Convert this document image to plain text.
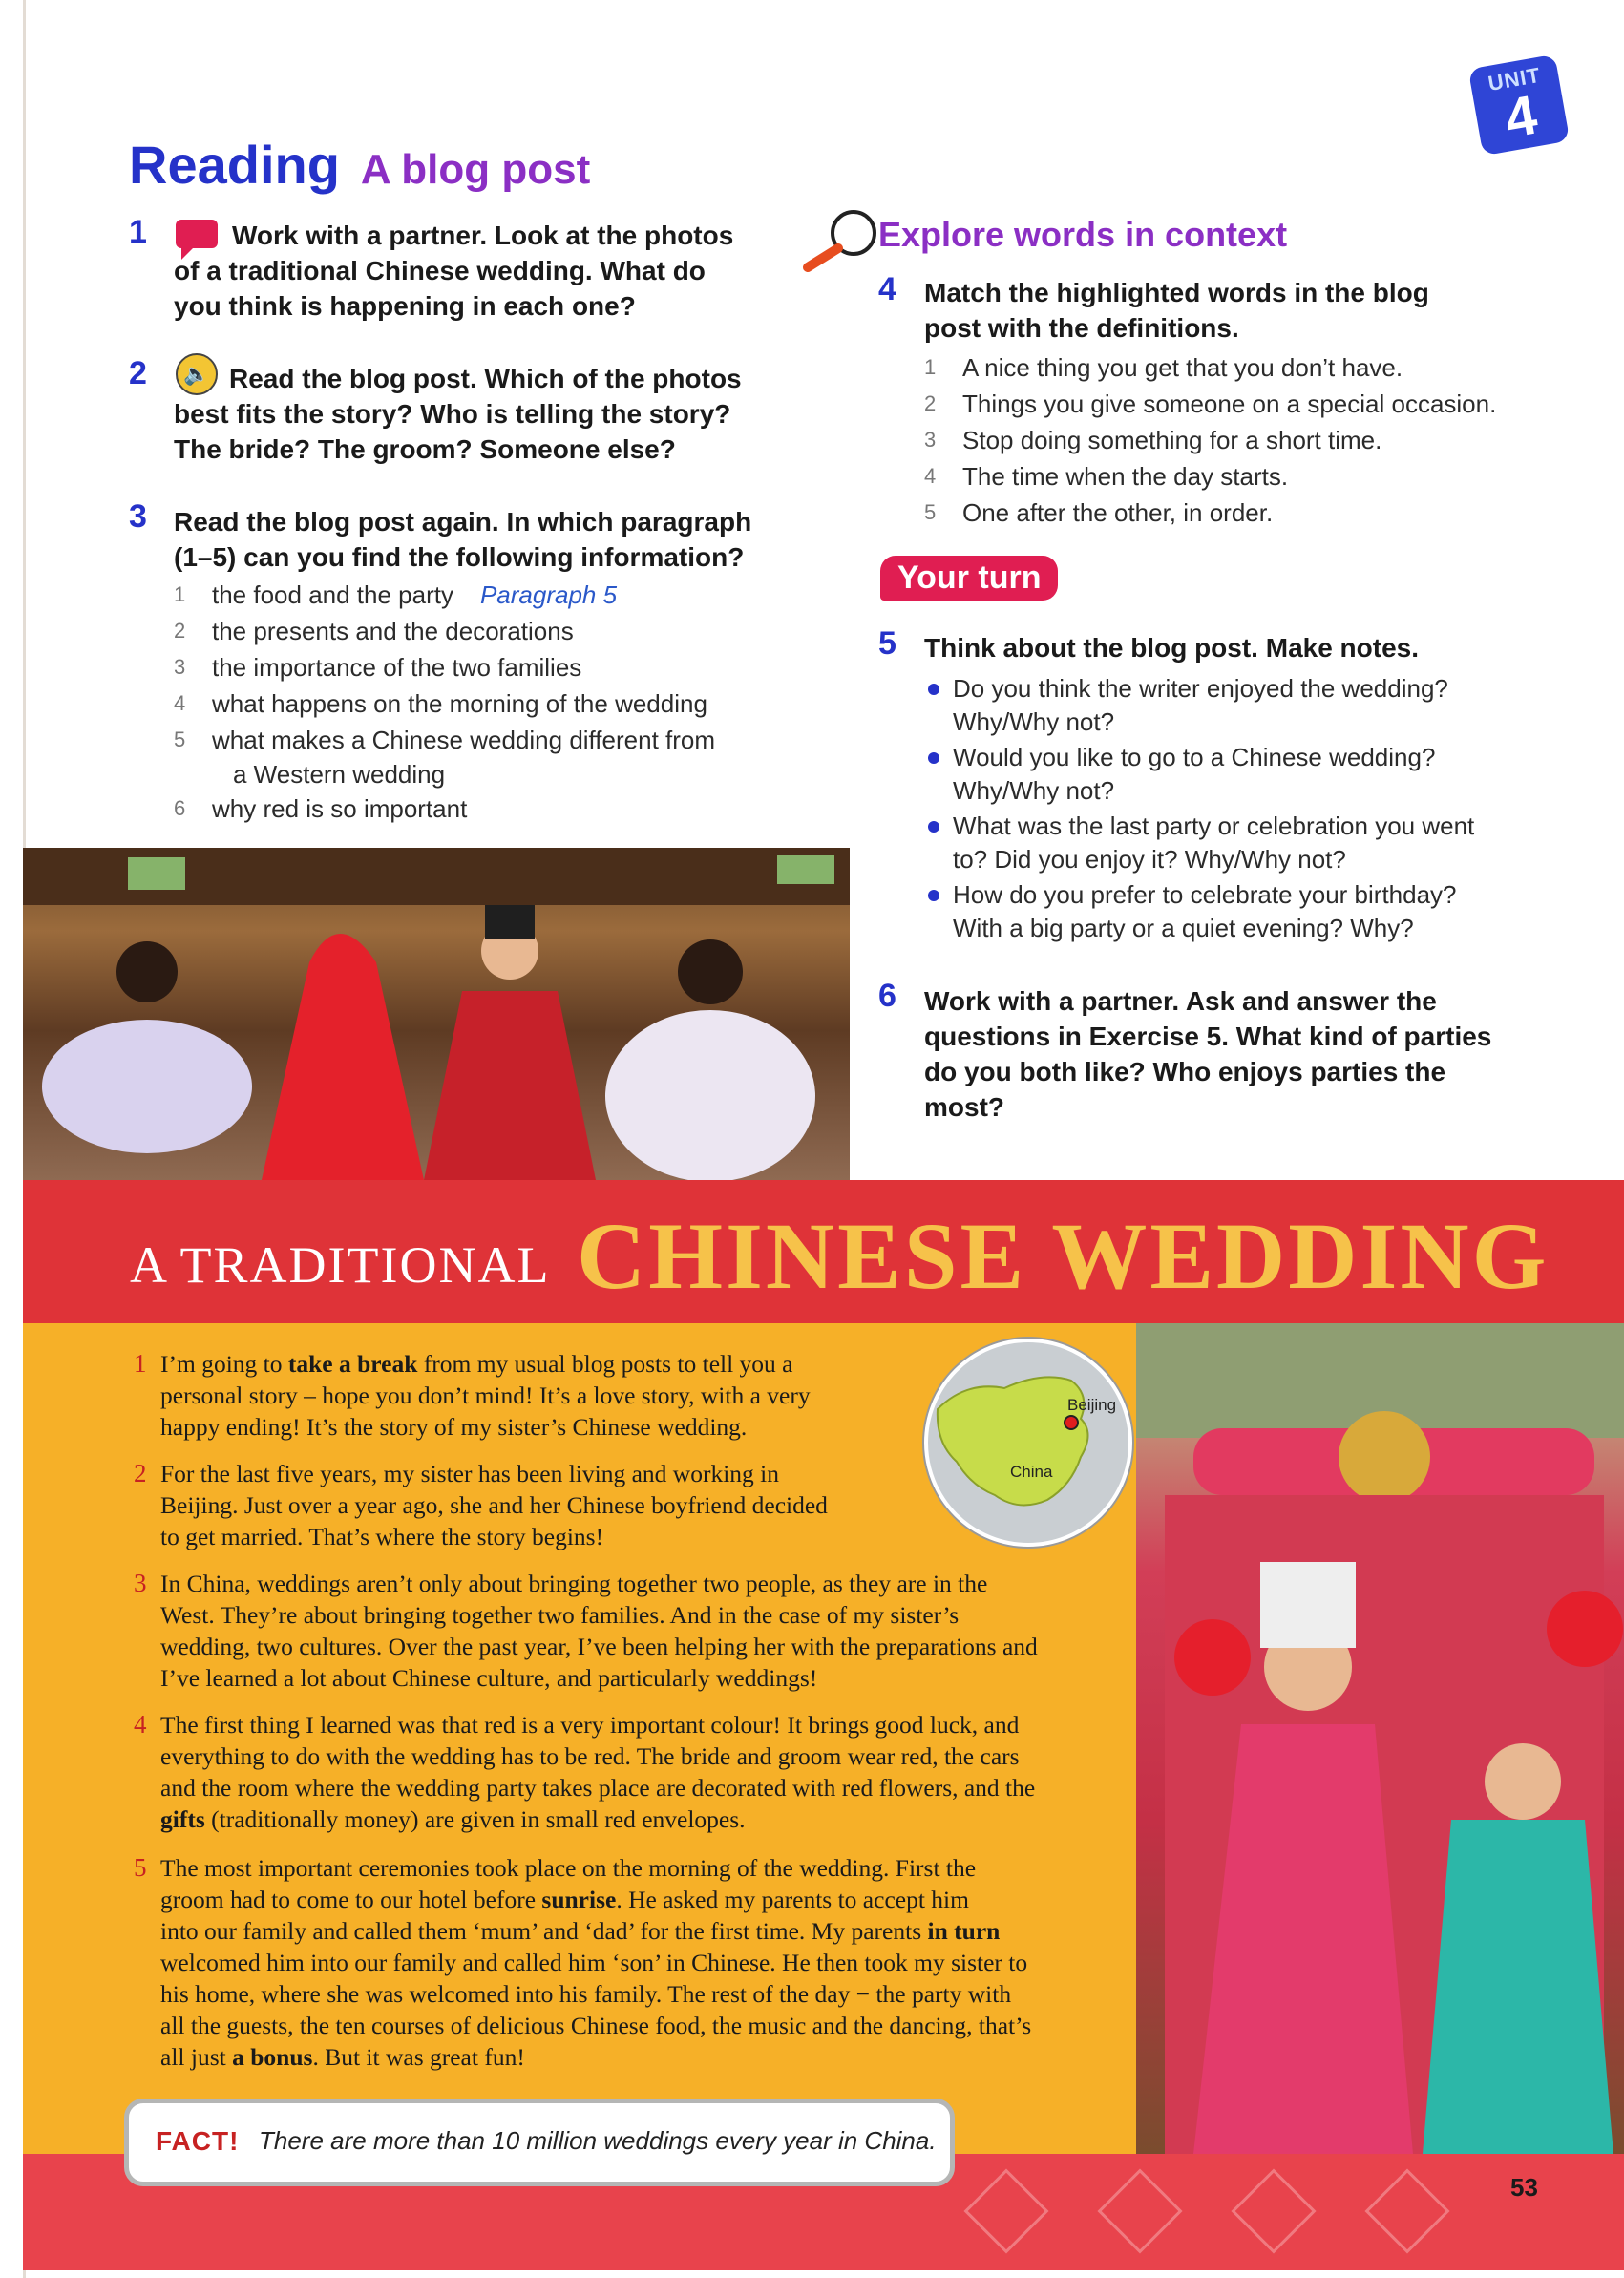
UNIT
4
Reading A blog post
1	Work with a partner. Look at the photos
of a traditional Chinese wedding. What do
you think is happening in each one?
2	🔈 Read the blog post. Which of the photos
best fits the story? Who is telling the story?
The bride? The groom? Someone else?
3 Read the blog post again. In which paragraph
(1–5) can you find the following information?
1 the food and the party Paragraph 5
2 the presents and the decorations
3 the importance of the two families
4 what happens on the morning of the wedding
5 what makes a Chinese wedding different from
a Western wedding
6 why red is so important
Explore words in context
4 Match the highlighted words in the blog
post with the definitions.
1 A nice thing you get that you don’t have.
2 Things you give someone on a special occasion.
3 Stop doing something for a short time.
4 The time when the day starts.
5 One after the other, in order.
Your turn
5 Think about the blog post. Make notes.
Do you think the writer enjoyed the wedding?
Why/Why not?
Would you like to go to a Chinese wedding?
Why/Why not?
What was the last party or celebration you went
to? Did you enjoy it? Why/Why not?
How do you prefer to celebrate your birthday?
With a big party or a quiet evening? Why?
6 Work with a partner. Ask and answer the
questions in Exercise 5. What kind of parties
do you both like? Who enjoys parties the
most?
A TRADITIONAL CHINESE WEDDING
1 I’m going to take a break from my usual blog posts to tell you a
personal story – hope you don’t mind! It’s a love story, with a very
happy ending! It’s the story of my sister’s Chinese wedding.
2 For the last five years, my sister has been living and working in
Beijing. Just over a year ago, she and her Chinese boyfriend decided
to get married. That’s where the story begins!
3 In China, weddings aren’t only about bringing together two people, as they are in the
West. They’re about bringing together two families. And in the case of my sister’s
wedding, two cultures. Over the past year, I’ve been helping her with the preparations and
I’ve learned a lot about Chinese culture, and particularly weddings!
4 The first thing I learned was that red is a very important colour! It brings good luck, and
everything to do with the wedding has to be red. The bride and groom wear red, the cars
and the room where the wedding party takes place are decorated with red flowers, and the
gifts (traditionally money) are given in small red envelopes.
5 The most important ceremonies took place on the morning of the wedding. First the
groom had to come to our hotel before sunrise. He asked my parents to accept him
into our family and called them ‘mum’ and ‘dad’ for the first time. My parents in turn
welcomed him into our family and called him ‘son’ in Chinese. He then took my sister to
his home, where she was welcomed into his family. The rest of the day − the party with
all the guests, the ten courses of delicious Chinese food, the music and the dancing, that’s
all just a bonus. But it was great fun!
Beijing
China
FACT! There are more than 10 million weddings every year in China.
53
